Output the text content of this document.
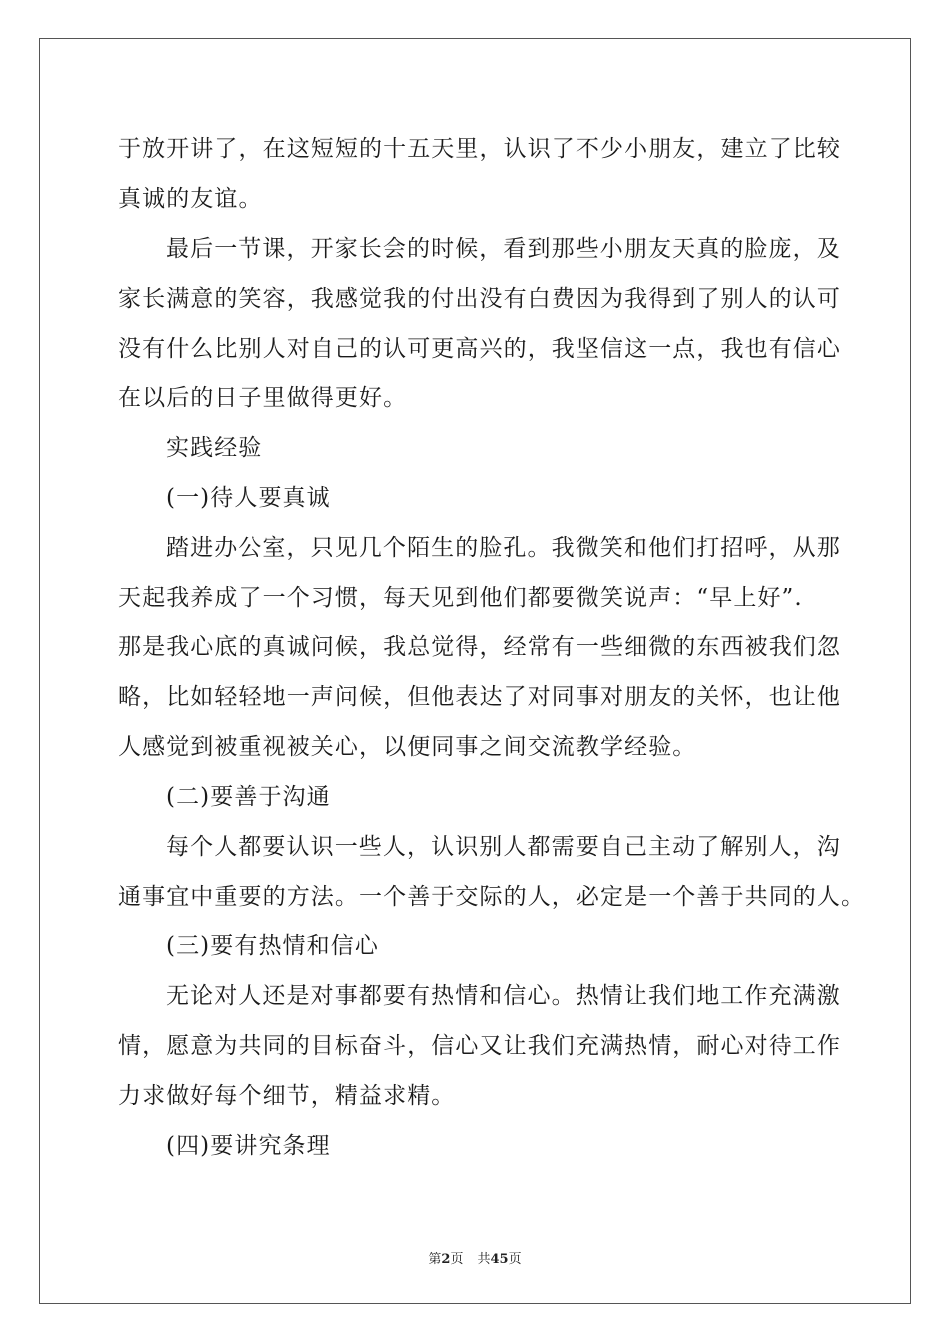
于放开讲了，在这短短的十五天里，认识了不少小朋友，建立了比较
真诚的友谊。
最后一节课，开家长会的时候，看到那些小朋友天真的脸庞，及
家长满意的笑容，我感觉我的付出没有白费因为我得到了别人的认可
没有什么比别人对自己的认可更高兴的，我坚信这一点，我也有信心
在以后的日子里做得更好。
实践经验
(一)待人要真诚
踏进办公室，只见几个陌生的脸孔。我微笑和他们打招呼，从那
天起我养成了一个习惯，每天见到他们都要微笑说声：“早上好”.
那是我心底的真诚问候，我总觉得，经常有一些细微的东西被我们忽
略，比如轻轻地一声问候，但他表达了对同事对朋友的关怀，也让他
人感觉到被重视被关心，以便同事之间交流教学经验。
(二)要善于沟通
每个人都要认识一些人，认识别人都需要自己主动了解别人，沟
通事宜中重要的方法。一个善于交际的人，必定是一个善于共同的人。
(三)要有热情和信心
无论对人还是对事都要有热情和信心。热情让我们地工作充满激
情，愿意为共同的目标奋斗，信心又让我们充满热情，耐心对待工作
力求做好每个细节，精益求精。
(四)要讲究条理
第2页 共45页
